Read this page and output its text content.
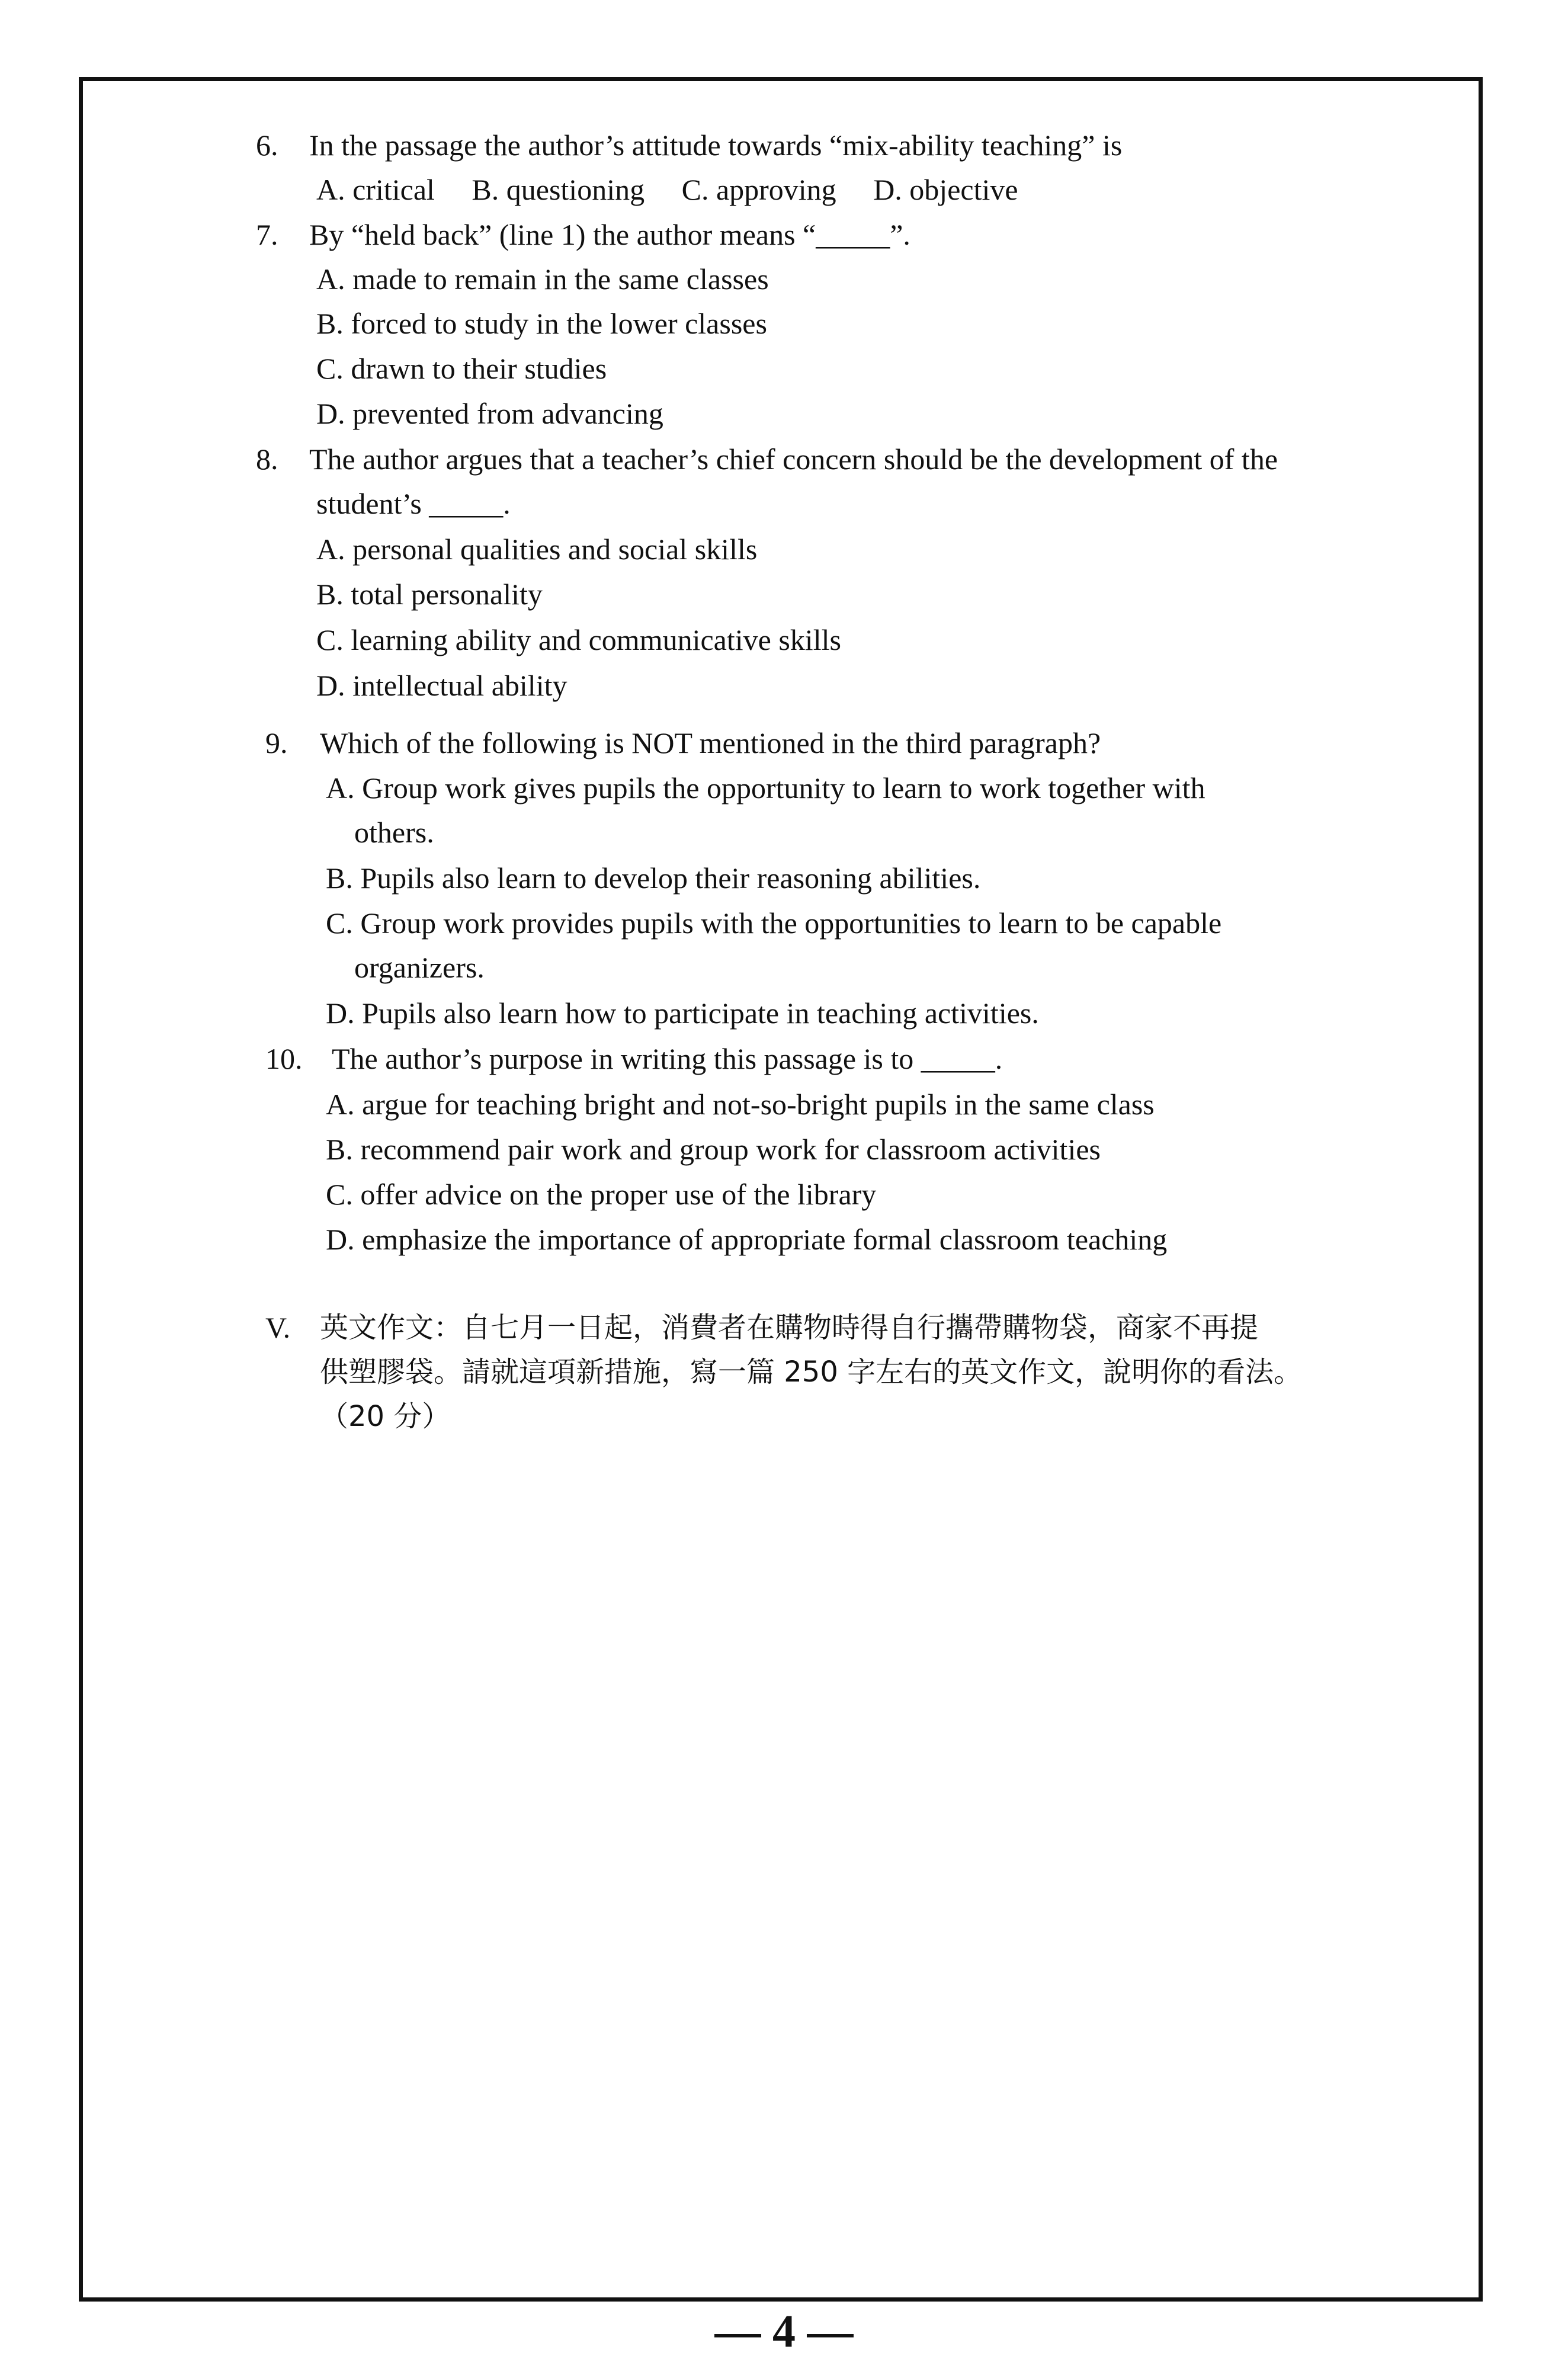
6. In the passage the author’s attitude towards “mix-ability teaching” is
A. critical B. questioning C. approving D. objective
7. By “held back” (line 1) the author means “_____”.
A. made to remain in the same classes
B. forced to study in the lower classes
C. drawn to their studies
D. prevented from advancing
8. The author argues that a teacher’s chief concern should be the development of the
student’s _____.
A. personal qualities and social skills
B. total personality
C. learning ability and communicative skills
D. intellectual ability
9. Which of the following is NOT mentioned in the third paragraph?
A. Group work gives pupils the opportunity to learn to work together with
others.
B. Pupils also learn to develop their reasoning abilities.
C. Group work provides pupils with the opportunities to learn to be capable
organizers.
D. Pupils also learn how to participate in teaching activities.
10. The author’s purpose in writing this passage is to _____.
A. argue for teaching bright and not-so-bright pupils in the same class
B. recommend pair work and group work for classroom activities
C. offer advice on the proper use of the library
D. emphasize the importance of appropriate formal classroom teaching
V. 英文作文：自七月一日起，消費者在購物時得自行攜帶購物袋，商家不再提
供塑膠袋。請就這項新措施，寫一篇 250 字左右的英文作文，說明你的看法。
（20 分）
— 4 —
